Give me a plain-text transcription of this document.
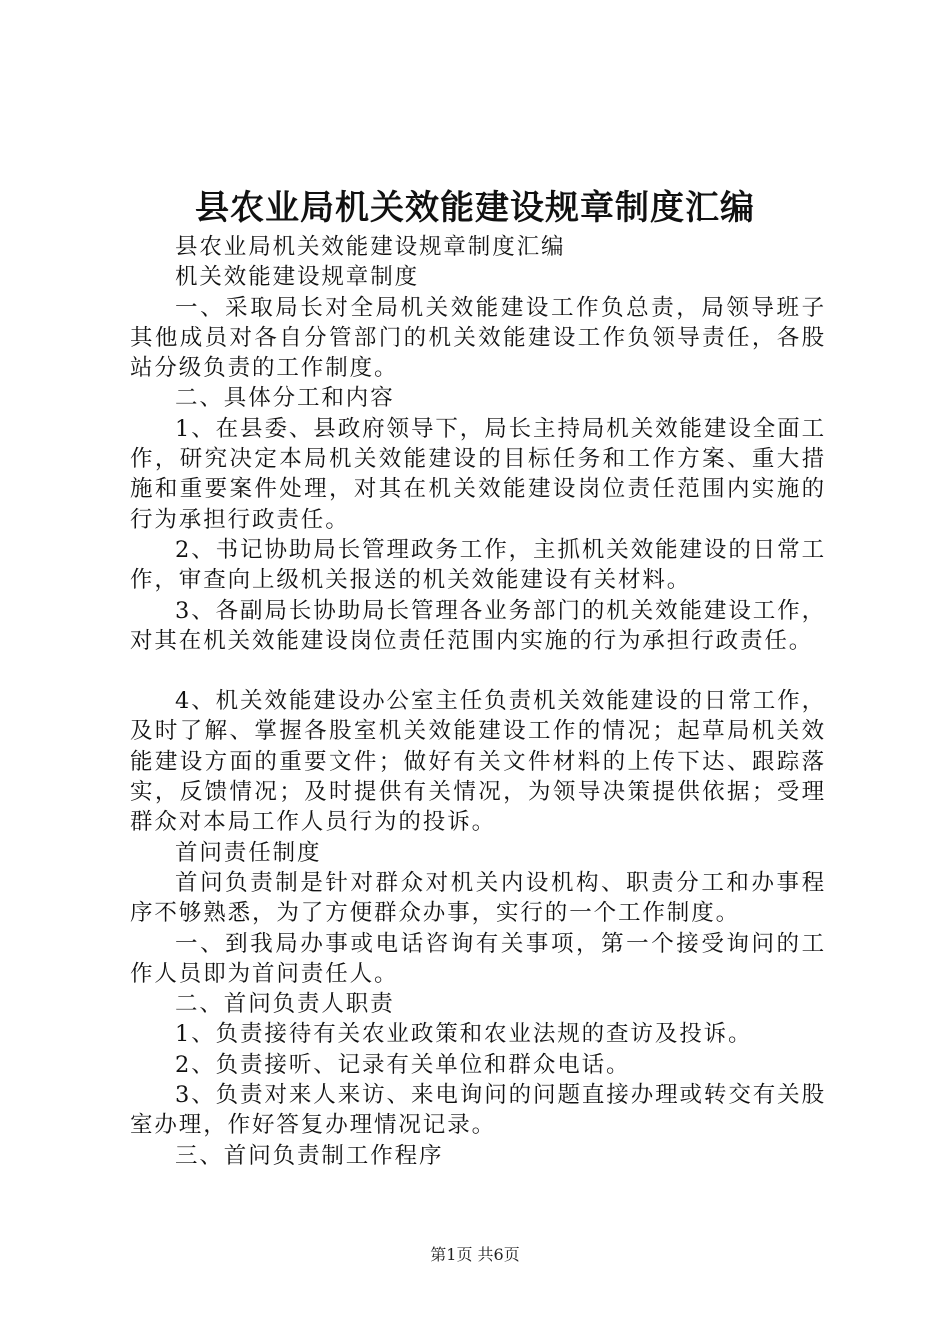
县农业局机关效能建设规章制度汇编

县农业局机关效能建设规章制度汇编

机关效能建设规章制度

一、采取局长对全局机关效能建设工作负总责，局领导班子其他成员对各自分管部门的机关效能建设工作负领导责任，各股站分级负责的工作制度。

二、具体分工和内容

1、在县委、县政府领导下，局长主持局机关效能建设全面工作，研究决定本局机关效能建设的目标任务和工作方案、重大措施和重要案件处理，对其在机关效能建设岗位责任范围内实施的行为承担行政责任。

2、书记协助局长管理政务工作，主抓机关效能建设的日常工作，审查向上级机关报送的机关效能建设有关材料。

3、各副局长协助局长管理各业务部门的机关效能建设工作，对其在机关效能建设岗位责任范围内实施的行为承担行政责任。

4、机关效能建设办公室主任负责机关效能建设的日常工作，及时了解、掌握各股室机关效能建设工作的情况；起草局机关效能建设方面的重要文件；做好有关文件材料的上传下达、跟踪落实，反馈情况；及时提供有关情况，为领导决策提供依据；受理群众对本局工作人员行为的投诉。

首问责任制度

首问负责制是针对群众对机关内设机构、职责分工和办事程序不够熟悉，为了方便群众办事，实行的一个工作制度。

一、到我局办事或电话咨询有关事项，第一个接受询问的工作人员即为首问责任人。

二、首问负责人职责

1、负责接待有关农业政策和农业法规的查访及投诉。

2、负责接听、记录有关单位和群众电话。

3、负责对来人来访、来电询问的问题直接办理或转交有关股室办理，作好答复办理情况记录。

三、首问负责制工作程序

第1页 共6页
